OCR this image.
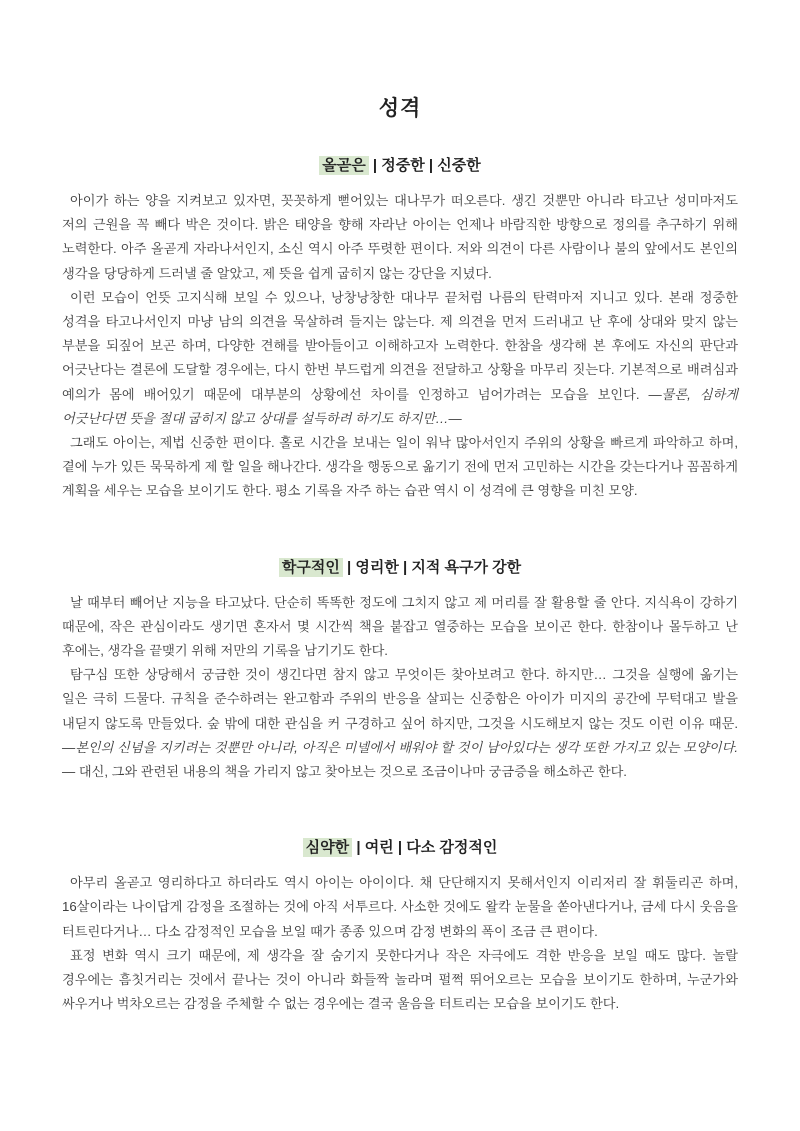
성격
올곧은 | 정중한 | 신중한

아이가 하는 양을 지켜보고 있자면, 꼿꼿하게 뻗어있는 대나무가 떠오른다. 생긴 것뿐만 아니라 타고난 성미마저도 저의 근원을 꼭 빼다 박은 것이다. 밝은 태양을 향해 자라난 아이는 언제나 바람직한 방향으로 정의를 추구하기 위해 노력한다. 아주 올곧게 자라나서인지, 소신 역시 아주 뚜렷한 편이다. 저와 의견이 다른 사람이나 불의 앞에서도 본인의 생각을 당당하게 드러낼 줄 알았고, 제 뜻을 쉽게 굽히지 않는 강단을 지녔다.

이런 모습이 언뜻 고지식해 보일 수 있으나, 낭창낭창한 대나무 끝처럼 나름의 탄력마저 지니고 있다. 본래 정중한 성격을 타고나서인지 마냥 남의 의견을 묵살하려 들지는 않는다. 제 의견을 먼저 드러내고 난 후에 상대와 맞지 않는 부분을 되짚어 보곤 하며, 다양한 견해를 받아들이고 이해하고자 노력한다. 한참을 생각해 본 후에도 자신의 판단과 어긋난다는 결론에 도달할 경우에는, 다시 한번 부드럽게 의견을 전달하고 상황을 마무리 짓는다. 기본적으로 배려심과 예의가 몸에 배어있기 때문에 대부분의 상황에선 차이를 인정하고 넘어가려는 모습을 보인다. —물론, 심하게 어긋난다면 뜻을 절대 굽히지 않고 상대를 설득하려 하기도 하지만…—

그래도 아이는, 제법 신중한 편이다. 홀로 시간을 보내는 일이 워낙 많아서인지 주위의 상황을 빠르게 파악하고 하며, 곁에 누가 있든 묵묵하게 제 할 일을 해나간다. 생각을 행동으로 옮기기 전에 먼저 고민하는 시간을 갖는다거나 꼼꼼하게 계획을 세우는 모습을 보이기도 한다. 평소 기록을 자주 하는 습관 역시 이 성격에 큰 영향을 미친 모양.

학구적인 | 영리한 | 지적 욕구가 강한

날 때부터 빼어난 지능을 타고났다. 단순히 똑똑한 정도에 그치지 않고 제 머리를 잘 활용할 줄 안다. 지식욕이 강하기 때문에, 작은 관심이라도 생기면 혼자서 몇 시간씩 책을 붙잡고 열중하는 모습을 보이곤 한다. 한참이나 몰두하고 난 후에는, 생각을 끝맺기 위해 저만의 기록을 남기기도 한다.

탐구심 또한 상당해서 궁금한 것이 생긴다면 참지 않고 무엇이든 찾아보려고 한다. 하지만… 그것을 실행에 옮기는 일은 극히 드물다. 규칙을 준수하려는 완고함과 주위의 반응을 살피는 신중함은 아이가 미지의 공간에 무턱대고 발을 내딛지 않도록 만들었다. 숲 밖에 대한 관심을 커 구경하고 싶어 하지만, 그것을 시도해보지 않는 것도 이런 이유 때문. —본인의 신념을 지키려는 것뿐만 아니라, 아직은 미넬에서 배워야 할 것이 남아있다는 생각 또한 가지고 있는 모양이다.— 대신, 그와 관련된 내용의 책을 가리지 않고 찾아보는 것으로 조금이나마 궁금증을 해소하곤 한다.

심약한 | 여린 | 다소 감정적인

아무리 올곧고 영리하다고 하더라도 역시 아이는 아이이다. 채 단단해지지 못해서인지 이리저리 잘 휘둘리곤 하며, 16살이라는 나이답게 감정을 조절하는 것에 아직 서투르다. 사소한 것에도 왈칵 눈물을 쏟아낸다거나, 금세 다시 웃음을 터트린다거나… 다소 감정적인 모습을 보일 때가 종종 있으며 감정 변화의 폭이 조금 큰 편이다.

표정 변화 역시 크기 때문에, 제 생각을 잘 숨기지 못한다거나 작은 자극에도 격한 반응을 보일 때도 많다. 놀랄 경우에는 흠칫거리는 것에서 끝나는 것이 아니라 화들짝 놀라며 펄쩍 뛰어오르는 모습을 보이기도 한하며, 누군가와 싸우거나 벅차오르는 감정을 주체할 수 없는 경우에는 결국 울음을 터트리는 모습을 보이기도 한다.
